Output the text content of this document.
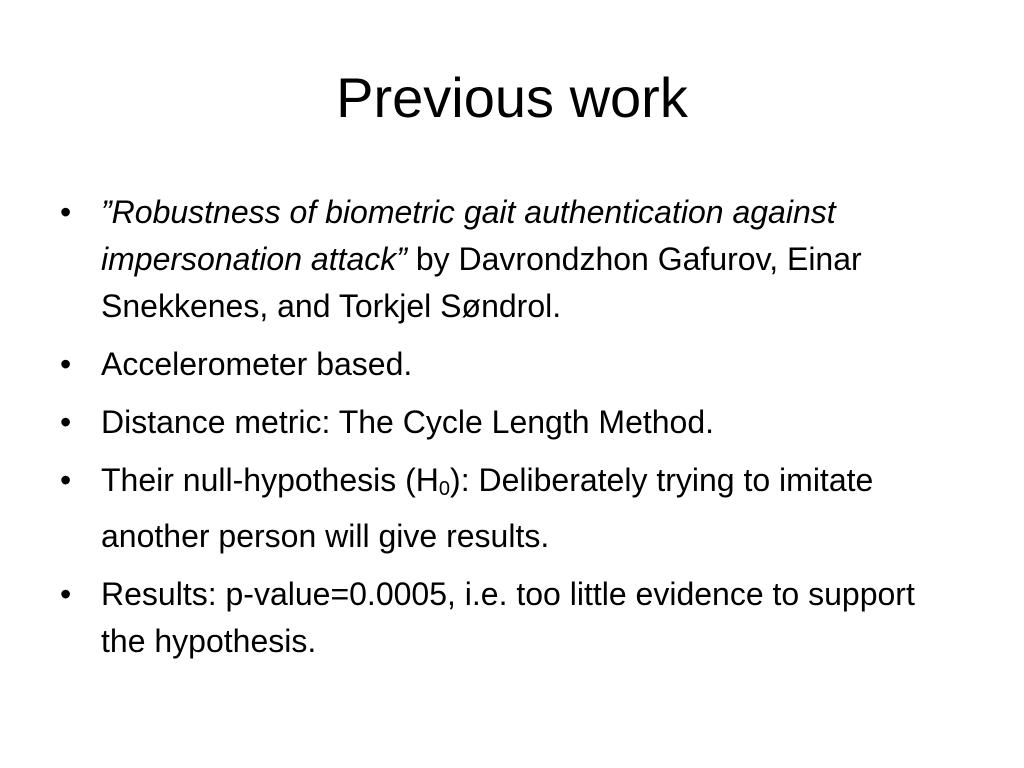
Previous work
• ”Robustness of biometric gait authentication against impersonation attack” by Davrondzhon Gafurov, Einar Snekkenes, and Torkjel Søndrol.
• Accelerometer based.
• Distance metric: The Cycle Length Method.
• Their null-hypothesis $(H_0)$: Deliberately trying to imitate another person will give results.
• Results: p-value=0.0005, i.e. too little evidence to support the hypothesis.
